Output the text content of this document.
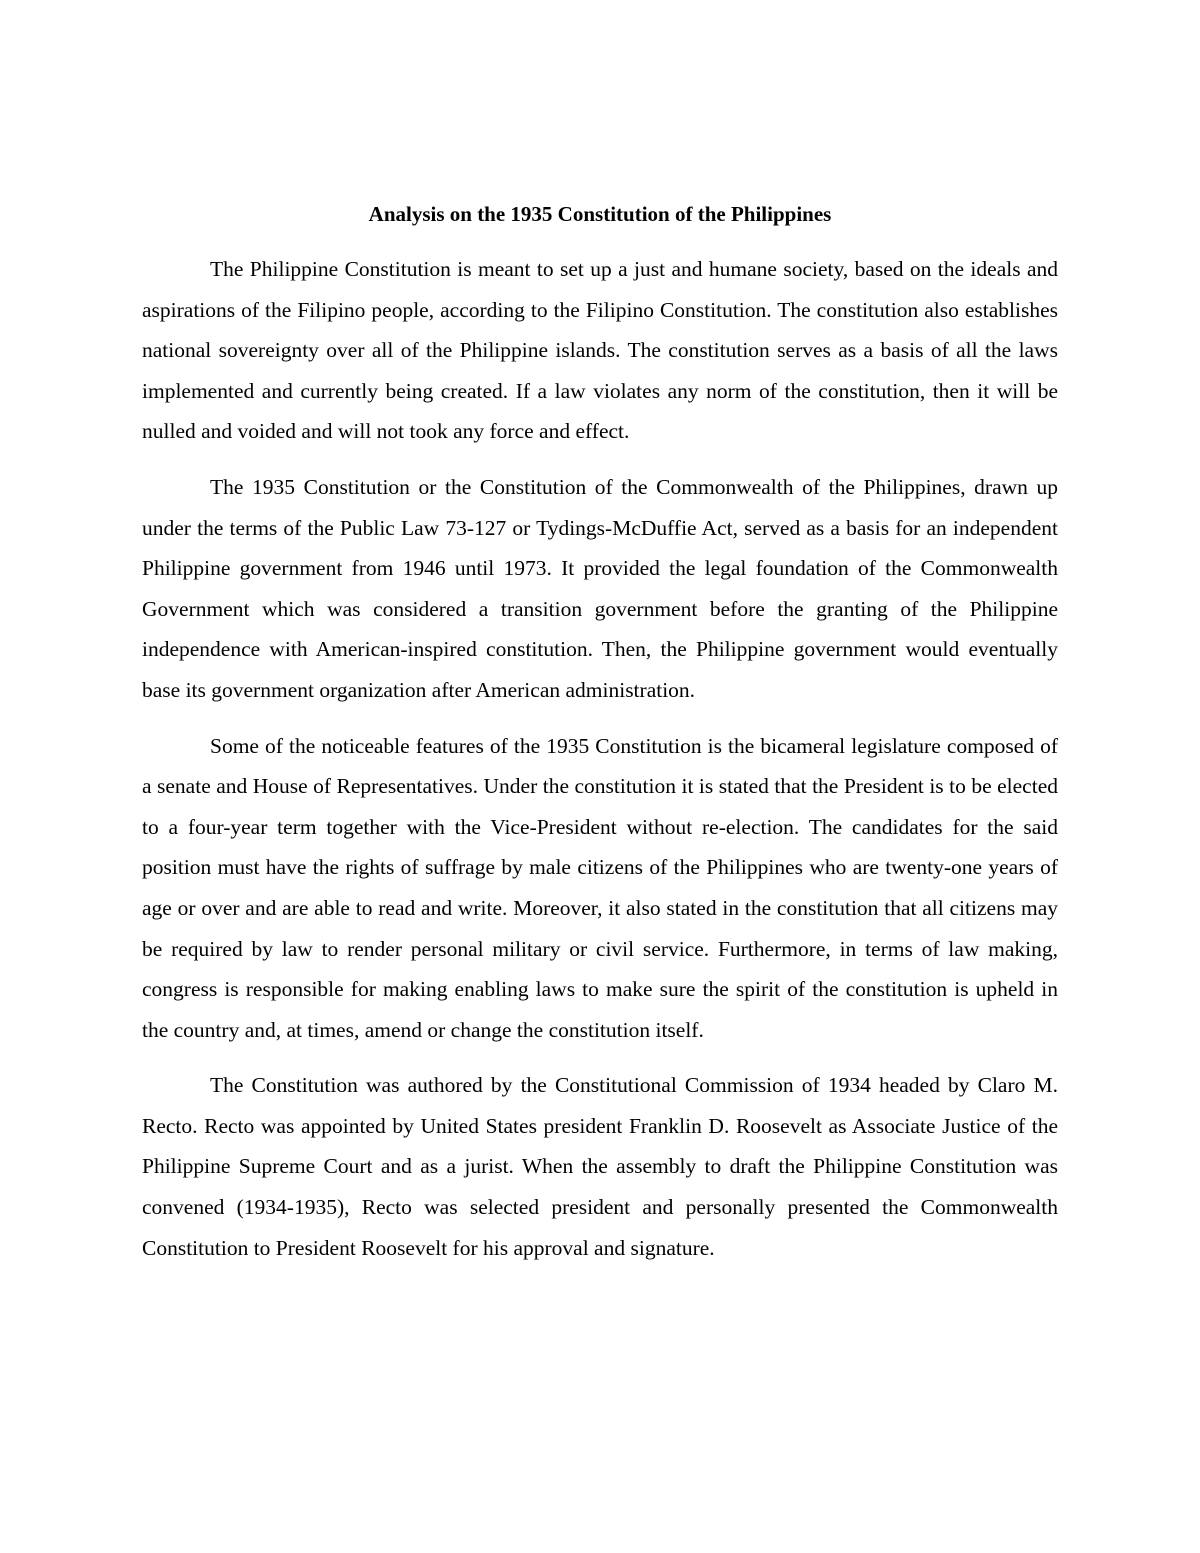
Analysis on the 1935 Constitution of the Philippines

The Philippine Constitution is meant to set up a just and humane society, based on the ideals and aspirations of the Filipino people, according to the Filipino Constitution. The constitution also establishes national sovereignty over all of the Philippine islands. The constitution serves as a basis of all the laws implemented and currently being created. If a law violates any norm of the constitution, then it will be nulled and voided and will not took any force and effect.

The 1935 Constitution or the Constitution of the Commonwealth of the Philippines, drawn up under the terms of the Public Law 73-127 or Tydings-McDuffie Act, served as a basis for an independent Philippine government from 1946 until 1973. It provided the legal foundation of the Commonwealth Government which was considered a transition government before the granting of the Philippine independence with American-inspired constitution. Then, the Philippine government would eventually base its government organization after American administration.

Some of the noticeable features of the 1935 Constitution is the bicameral legislature composed of a senate and House of Representatives. Under the constitution it is stated that the President is to be elected to a four-year term together with the Vice-President without re-election. The candidates for the said position must have the rights of suffrage by male citizens of the Philippines who are twenty-one years of age or over and are able to read and write. Moreover, it also stated in the constitution that all citizens may be required by law to render personal military or civil service. Furthermore, in terms of law making, congress is responsible for making enabling laws to make sure the spirit of the constitution is upheld in the country and, at times, amend or change the constitution itself.

The Constitution was authored by the Constitutional Commission of 1934 headed by Claro M. Recto. Recto was appointed by United States president Franklin D. Roosevelt as Associate Justice of the Philippine Supreme Court and as a jurist. When the assembly to draft the Philippine Constitution was convened (1934-1935), Recto was selected president and personally presented the Commonwealth Constitution to President Roosevelt for his approval and signature.
